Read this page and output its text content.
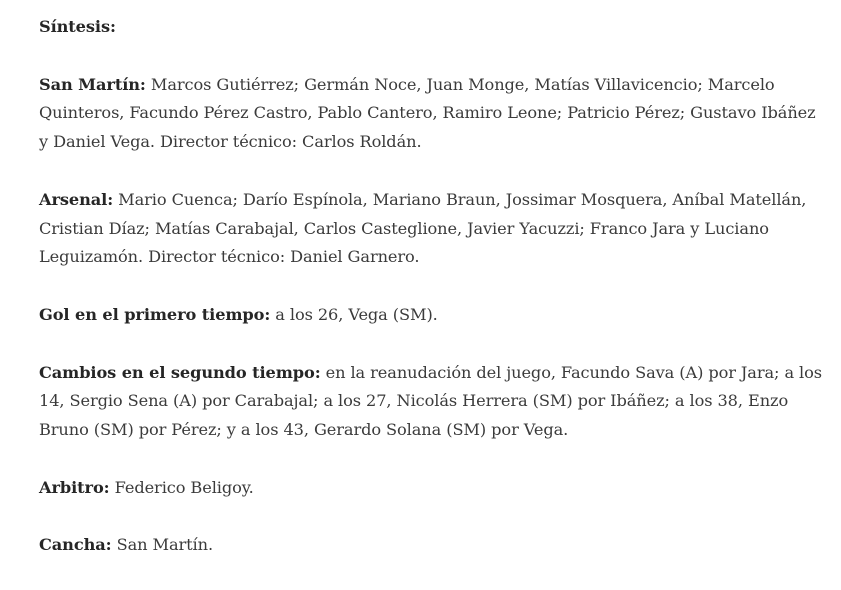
Síntesis:

San Martín: Marcos Gutiérrez; Germán Noce, Juan Monge, Matías Villavicencio; Marcelo Quinteros, Facundo Pérez Castro, Pablo Cantero, Ramiro Leone; Patricio Pérez; Gustavo Ibáñez y Daniel Vega. Director técnico: Carlos Roldán.

Arsenal: Mario Cuenca; Darío Espínola, Mariano Braun, Jossimar Mosquera, Aníbal Matellán, Cristian Díaz; Matías Carabajal, Carlos Casteglione, Javier Yacuzzi; Franco Jara y Luciano Leguizamón. Director técnico: Daniel Garnero.

Gol en el primero tiempo: a los 26, Vega (SM).

Cambios en el segundo tiempo: en la reanudación del juego, Facundo Sava (A) por Jara; a los 14, Sergio Sena (A) por Carabajal; a los 27, Nicolás Herrera (SM) por Ibáñez; a los 38, Enzo Bruno (SM) por Pérez; y a los 43, Gerardo Solana (SM) por Vega.

Arbitro: Federico Beligoy.

Cancha: San Martín.
